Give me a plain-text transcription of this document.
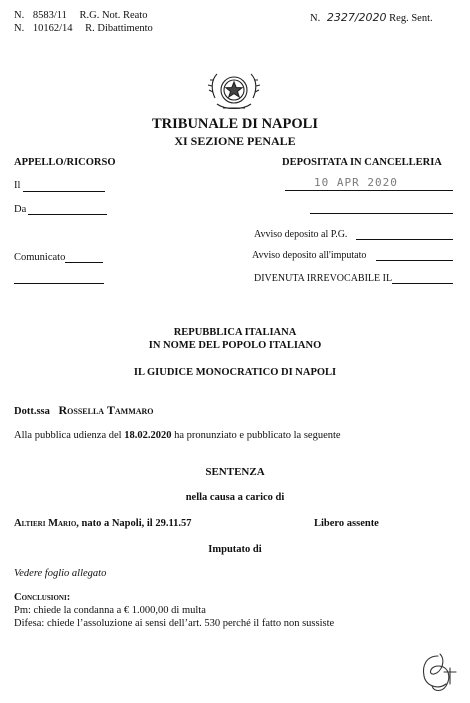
N. 8583/11 R.G. Not. Reato
N. 10162/14 R. Dibattimento
N. 2327/2020 Reg. Sent.
TRIBUNALE DI NAPOLI
XI SEZIONE PENALE
APPELLO/RICORSO
Il
Da
Comunicato
DEPOSITATA IN CANCELLERIA
10 APR 2020
Avviso deposito al P.G.
Avviso deposito all'imputato
DIVENUTA IRREVOCABILE IL
REPUBBLICA ITALIANA
IN NOME DEL POPOLO ITALIANO
IL GIUDICE MONOCRATICO DI NAPOLI
Dott.ssa Rossella Tammaro
Alla pubblica udienza del 18.02.2020 ha pronunziato e pubblicato la seguente
SENTENZA
nella causa a carico di
Altieri Mario, nato a Napoli, il 29.11.57	Libero assente
Imputato di
Vedere foglio allegato
Conclusioni:
Pm: chiede la condanna a € 1.000,00 di multa
Difesa: chiede l’assoluzione ai sensi dell’art. 530 perché il fatto non sussiste
